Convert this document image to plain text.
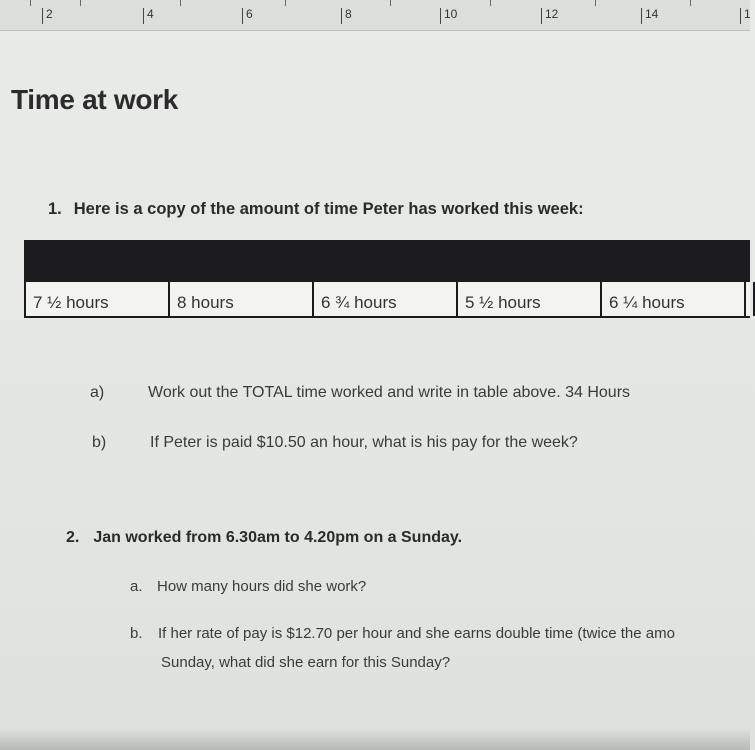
2	4	6	8	10	12	14	1
Time at work
1. Here is a copy of the amount of time Peter has worked this week:
7 ½ hours	8 hours	6 ¾ hours	5 ½ hours	6 ¼ hours
a)	Work out the TOTAL time worked and write in table above. 34 Hours
b)	If Peter is paid $10.50 an hour, what is his pay for the week?
2. Jan worked from 6.30am to 4.20pm on a Sunday.
a. How many hours did she work?
b. If her rate of pay is $12.70 per hour and she earns double time (twice the amo
Sunday, what did she earn for this Sunday?
